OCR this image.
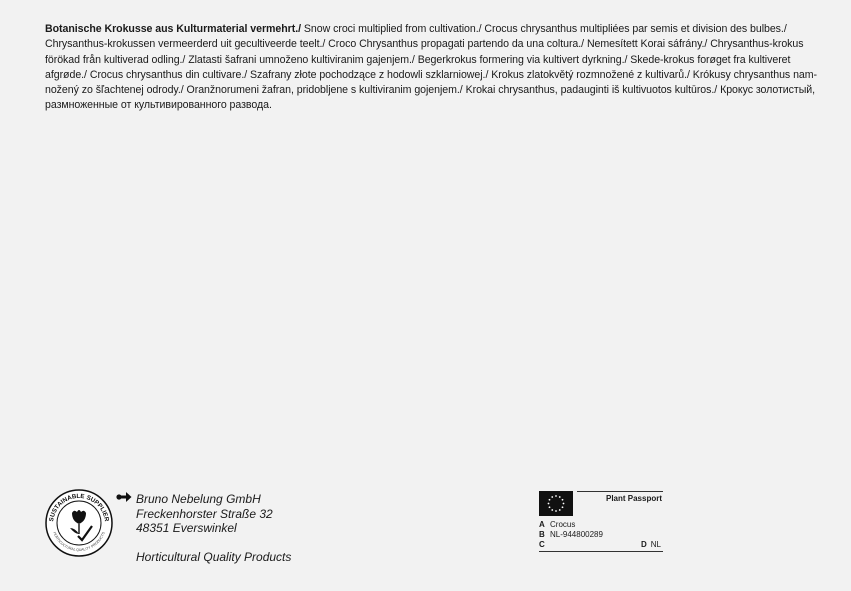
Botanische Krokusse aus Kulturmaterial vermehrt./ Snow croci multiplied from cultivation./ Crocus chrysanthus multipliées par semis et division des bulbes./ Chrysanthus-krokussen vermeerderd uit gecultiveerde teelt./ Croco Chrysanthus propagati partendo da una coltura./ Nemesített Korai sáfrány./ Chrysanthus-krokus förökad från kultiverad odling./ Zlatasti šafrani umnoženo kultiviranim gajenjem./ Begerkrokus formering via kultivert dyrkning./ Skede-krokus forøget fra kultiveret afgrøde./ Crocus chrysanthus din cultivare./ Szafrany złote pochodzące z hodowli szklarniowej./ Krokus zlatokvětý rozmnožené z kultivarů./ Krókusy chrysanthus nam-nožený zo šľachtenej odrody./ Oranžnorumeni žafran, pridobljene s kultiviranim gojenjem./ Krokai chrysanthus, padauginti iš kultivuotos kultūros./ Крокус золотистый, размноженные от культивированного развода.
SUSTAINABLE SUPPLIER
HORTICULTURAL QUALITY PRODUCTS
Bruno Nebelung GmbH
Freckenhorster Straße 32
48351 Everswinkel
Horticultural Quality Products
Plant Passport
A Crocus
B NL-944800289
C	D NL
